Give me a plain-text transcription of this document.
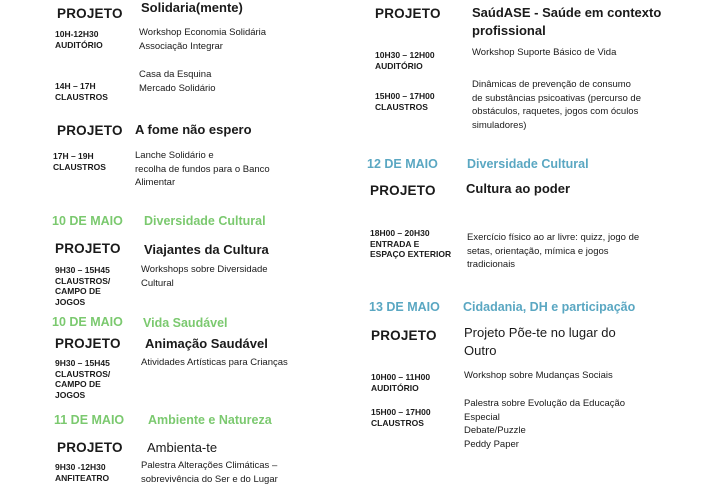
PROJETO Solidaria(mente)
10H-12H30
AUDITÓRIO
Workshop Economia Solidária
Associação Integrar
14H – 17H
CLAUSTROS
Casa da Esquina
Mercado Solidário
PROJETO A fome não espero
17H – 19H
CLAUSTROS
Lanche Solidário e
recolha de fundos para o Banco
Alimentar
10 DE MAIO Diversidade Cultural
PROJETO Viajantes da Cultura
9H30 – 15H45
CLAUSTROS/
CAMPO DE
JOGOS
Workshops sobre Diversidade
Cultural
10 DE MAIO Vida Saudável
PROJETO Animação Saudável
9H30 – 15H45
CLAUSTROS/
CAMPO DE
JOGOS
Atividades Artísticas para Crianças
11 DE MAIO Ambiente e Natureza
PROJETO Ambienta-te
9H30 -12H30
ANFITEATRO
Palestra Alterações Climáticas –
sobrevivência do Ser e do Lugar
PROJETO SaúdASE - Saúde em contexto
profissional
10H30 – 12H00
AUDITÓRIO
Workshop Suporte Básico de Vida
15H00 – 17H00
CLAUSTROS
Dinâmicas de prevenção de consumo
de substâncias psicoativas (percurso de
obstáculos, raquetes, jogos com óculos
simuladores)
12 DE MAIO Diversidade Cultural
PROJETO Cultura ao poder
18H00 – 20H30
ENTRADA E
ESPAÇO EXTERIOR
Exercício físico ao ar livre: quizz, jogo de
setas, orientação, mímica e jogos
tradicionais
13 DE MAIO Cidadania, DH e participação
PROJETO Projeto Põe-te no lugar do
Outro
10H00 – 11H00
AUDITÓRIO
Workshop sobre Mudanças Sociais
15H00 – 17H00
CLAUSTROS
Palestra sobre Evolução da Educação
Especial
Debate/Puzzle
Peddy Paper
